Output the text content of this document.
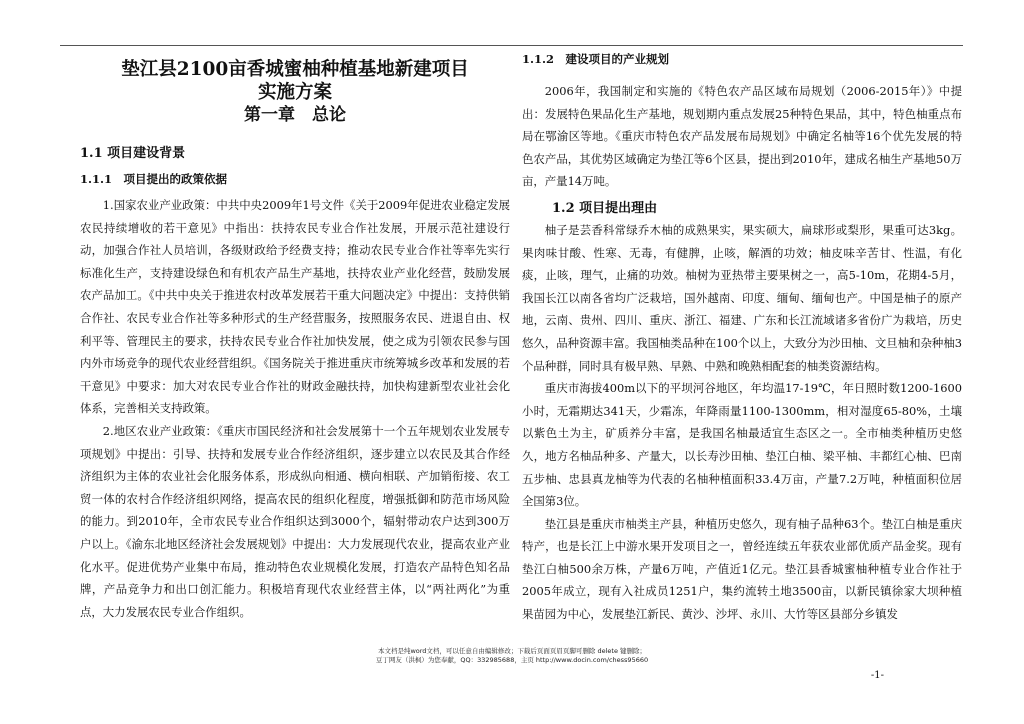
垫江县2100亩香城蜜柚种植基地新建项目
实施方案
第一章　总论
1.1 项目建设背景
1.1.1　项目提出的政策依据

1.国家农业产业政策：中共中央2009年1号文件《关于2009年促进农业稳定发展农民持续增收的若干意见》中指出：扶持农民专业合作社发展，开展示范社建设行动，加强合作社人员培训，各级财政给予经费支持；推动农民专业合作社等率先实行标准化生产，支持建设绿色和有机农产品生产基地，扶持农业产业化经营，鼓励发展农产品加工。《中共中央关于推进农村改革发展若干重大问题决定》中提出：支持供销合作社、农民专业合作社等多种形式的生产经营服务，按照服务农民、进退自由、权利平等、管理民主的要求，扶持农民专业合作社加快发展，使之成为引领农民参与国内外市场竞争的现代农业经营组织。《国务院关于推进重庆市统筹城乡改革和发展的若干意见》中要求：加大对农民专业合作社的财政金融扶持，加快构建新型农业社会化体系，完善相关支持政策。

2.地区农业产业政策：《重庆市国民经济和社会发展第十一个五年规划农业发展专项规划》中提出：引导、扶持和发展专业合作经济组织，逐步建立以农民及其合作经济组织为主体的农业社会化服务体系，形成纵向相通、横向相联、产加销衔接、农工贸一体的农村合作经济组织网络，提高农民的组织化程度，增强抵御和防范市场风险的能力。到2010年，全市农民专业合作组织达到3000个，辐射带动农户达到300万户以上。《渝东北地区经济社会发展规划》中提出：大力发展现代农业，提高农业产业化水平。促进优势产业集中布局，推动特色农业规模化发展，打造农产品特色知名品牌，产品竞争力和出口创汇能力。积极培育现代农业经营主体，以“两社两化”为重点，大力发展农民专业合作组织。

1.1.2　建设项目的产业规划

2006年，我国制定和实施的《特色农产品区域布局规划（2006-2015年）》中提出：发展特色果品化生产基地，规划期内重点发展25种特色果品，其中，特色柚重点布局在鄂渝区等地。《重庆市特色农产品发展布局规划》中确定名柚等16个优先发展的特色农产品，其优势区域确定为垫江等6个区县，提出到2010年，建成名柚生产基地50万亩，产量14万吨。

1.2 项目提出理由

柚子是芸香科常绿乔木柚的成熟果实，果实硕大，扁球形或梨形，果重可达3kg。果肉味甘酸、性寒、无毒，有健脾，止咳，解酒的功效；柚皮味辛苦甘、性温，有化痰，止咳，理气，止痛的功效。柚树为亚热带主要果树之一，高5-10m，花期4-5月，我国长江以南各省均广泛栽培，国外越南、印度、缅甸、缅甸也产。中国是柚子的原产地，云南、贵州、四川、重庆、浙江、福建、广东和长江流域诸多省份广为栽培，历史悠久，品种资源丰富。我国柚类品种在100个以上，大致分为沙田柚、文旦柚和杂种柚3个品种群，同时具有极早熟、早熟、中熟和晚熟相配套的柚类资源结构。

重庆市海拔400m以下的平坝河谷地区，年均温17-19℃，年日照时数1200-1600小时，无霜期达341天，少霜冻，年降雨量1100-1300mm，相对湿度65-80%，土壤以紫色土为主，矿质养分丰富，是我国名柚最适宜生态区之一。全市柚类种植历史悠久，地方名柚品种多、产量大，以长寿沙田柚、垫江白柚、梁平柚、丰都红心柚、巴南五步柚、忠县真龙柚等为代表的名柚种植面积33.4万亩，产量7.2万吨，种植面积位居全国第3位。

垫江县是重庆市柚类主产县，种植历史悠久，现有柚子品种63个。垫江白柚是重庆特产，也是长江上中游水果开发项目之一，曾经连续五年获农业部优质产品金奖。现有垫江白柚500余万株，产量6万吨，产值近1亿元。垫江县香城蜜柚种植专业合作社于2005年成立，现有入社成员1251户，集约流转土地3500亩，以新民镇徐家大坝种植果苗园为中心，发展垫江新民、黄沙、沙坪、永川、大竹等区县部分乡镇发

本文档是纯word文档，可以任意自由编辑修改；下载后页面页眉页脚可删除 delete 键删除；
豆丁网友（洪枫）为您奉献，QQ：332985688，主页 http://www.docin.com/chess95660
-1-
